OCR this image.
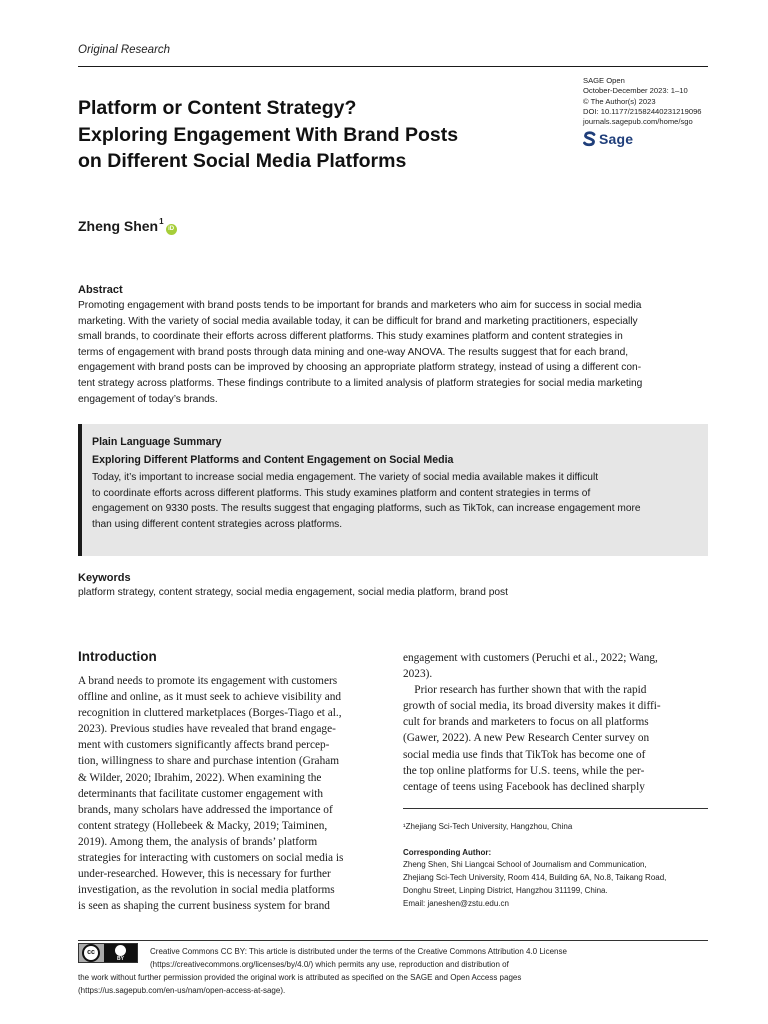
Original Research
SAGE Open
October-December 2023: 1–10
© The Author(s) 2023
DOI: 10.1177/21582440231219096
journals.sagepub.com/home/sgo
Sage
Platform or Content Strategy?
Exploring Engagement With Brand Posts
on Different Social Media Platforms
Zheng Shen$^1$
iD
Abstract
Promoting engagement with brand posts tends to be important for brands and marketers who aim for success in social media
marketing. With the variety of social media available today, it can be difficult for brand and marketing practitioners, especially
small brands, to coordinate their efforts across different platforms. This study examines platform and content strategies in
terms of engagement with brand posts through data mining and one-way ANOVA. The results suggest that for each brand,
engagement with brand posts can be improved by choosing an appropriate platform strategy, instead of using a different con-
tent strategy across platforms. These findings contribute to a limited analysis of platform strategies for social media marketing
engagement of today’s brands.
Plain Language Summary
Exploring Different Platforms and Content Engagement on Social Media
Today, it’s important to increase social media engagement. The variety of social media available makes it difficult
to coordinate efforts across different platforms. This study examines platform and content strategies in terms of
engagement on 9330 posts. The results suggest that engaging platforms, such as TikTok, can increase engagement more
than using different content strategies across platforms.
Keywords
platform strategy, content strategy, social media engagement, social media platform, brand post
Introduction
A brand needs to promote its engagement with customers
offline and online, as it must seek to achieve visibility and
recognition in cluttered marketplaces (Borges-Tiago et al.,
2023). Previous studies have revealed that brand engage-
ment with customers significantly affects brand percep-
tion, willingness to share and purchase intention (Graham
& Wilder, 2020; Ibrahim, 2022). When examining the
determinants that facilitate customer engagement with
brands, many scholars have addressed the importance of
content strategy (Hollebeek & Macky, 2019; Taiminen,
2019). Among them, the analysis of brands’ platform
strategies for interacting with customers on social media is
under-researched. However, this is necessary for further
investigation, as the revolution in social media platforms
is seen as shaping the current business system for brand
engagement with customers (Peruchi et al., 2022; Wang,
2023).
Prior research has further shown that with the rapid
growth of social media, its broad diversity makes it diffi-
cult for brands and marketers to focus on all platforms
(Gawer, 2022). A new Pew Research Center survey on
social media use finds that TikTok has become one of
the top online platforms for U.S. teens, while the per-
centage of teens using Facebook has declined sharply
¹Zhejiang Sci-Tech University, Hangzhou, China
Corresponding Author:
Zheng Shen, Shi Liangcai School of Journalism and Communication,
Zhejiang Sci-Tech University, Room 414, Building 6A, No.8, Taikang Road,
Donghu Street, Linping District, Hangzhou 311199, China.
Email: janeshen@zstu.edu.cn
cc
BY
Creative Commons CC BY: This article is distributed under the terms of the Creative Commons Attribution 4.0 License
(https://creativecommons.org/licenses/by/4.0/) which permits any use, reproduction and distribution of
the work without further permission provided the original work is attributed as specified on the SAGE and Open Access pages
(https://us.sagepub.com/en-us/nam/open-access-at-sage).
